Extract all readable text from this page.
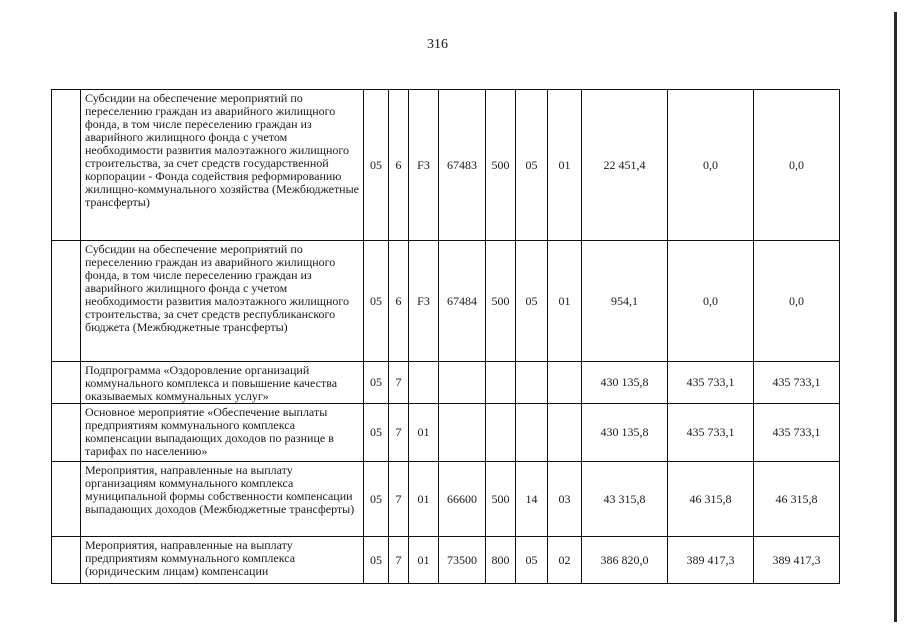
316
	Субсидии на обеспечение мероприятий по переселению граждан из аварийного жилищного фонда, в том числе переселению граждан из аварийного жилищного фонда с учетом необходимости развития малоэтажного жилищного строительства, за счет средств государственной корпорации - Фонда содействия реформированию жилищно-коммунального хозяйства (Межбюджетные трансферты)	05	6	F3	67483	500	05	01	22 451,4	0,0	0,0
	Субсидии на обеспечение мероприятий по переселению граждан из аварийного жилищного фонда, в том числе переселению граждан из аварийного жилищного фонда с учетом необходимости развития малоэтажного жилищного строительства, за счет средств республиканского бюджета (Межбюджетные трансферты)	05	6	F3	67484	500	05	01	954,1	0,0	0,0
	Подпрограмма «Оздоровление организаций коммунального комплекса и повышение качества оказываемых коммунальных услуг»	05	7						430 135,8	435 733,1	435 733,1
	Основное мероприятие «Обеспечение выплаты предприятиям коммунального комплекса компенсации выпадающих доходов по разнице в тарифах по населению»	05	7	01					430 135,8	435 733,1	435 733,1
	Мероприятия, направленные на выплату организациям коммунального комплекса муниципальной формы собственности компенсации выпадающих доходов (Межбюджетные трансферты)	05	7	01	66600	500	14	03	43 315,8	46 315,8	46 315,8
	Мероприятия, направленные на выплату предприятиям коммунального комплекса (юридическим лицам) компенсации	05	7	01	73500	800	05	02	386 820,0	389 417,3	389 417,3
